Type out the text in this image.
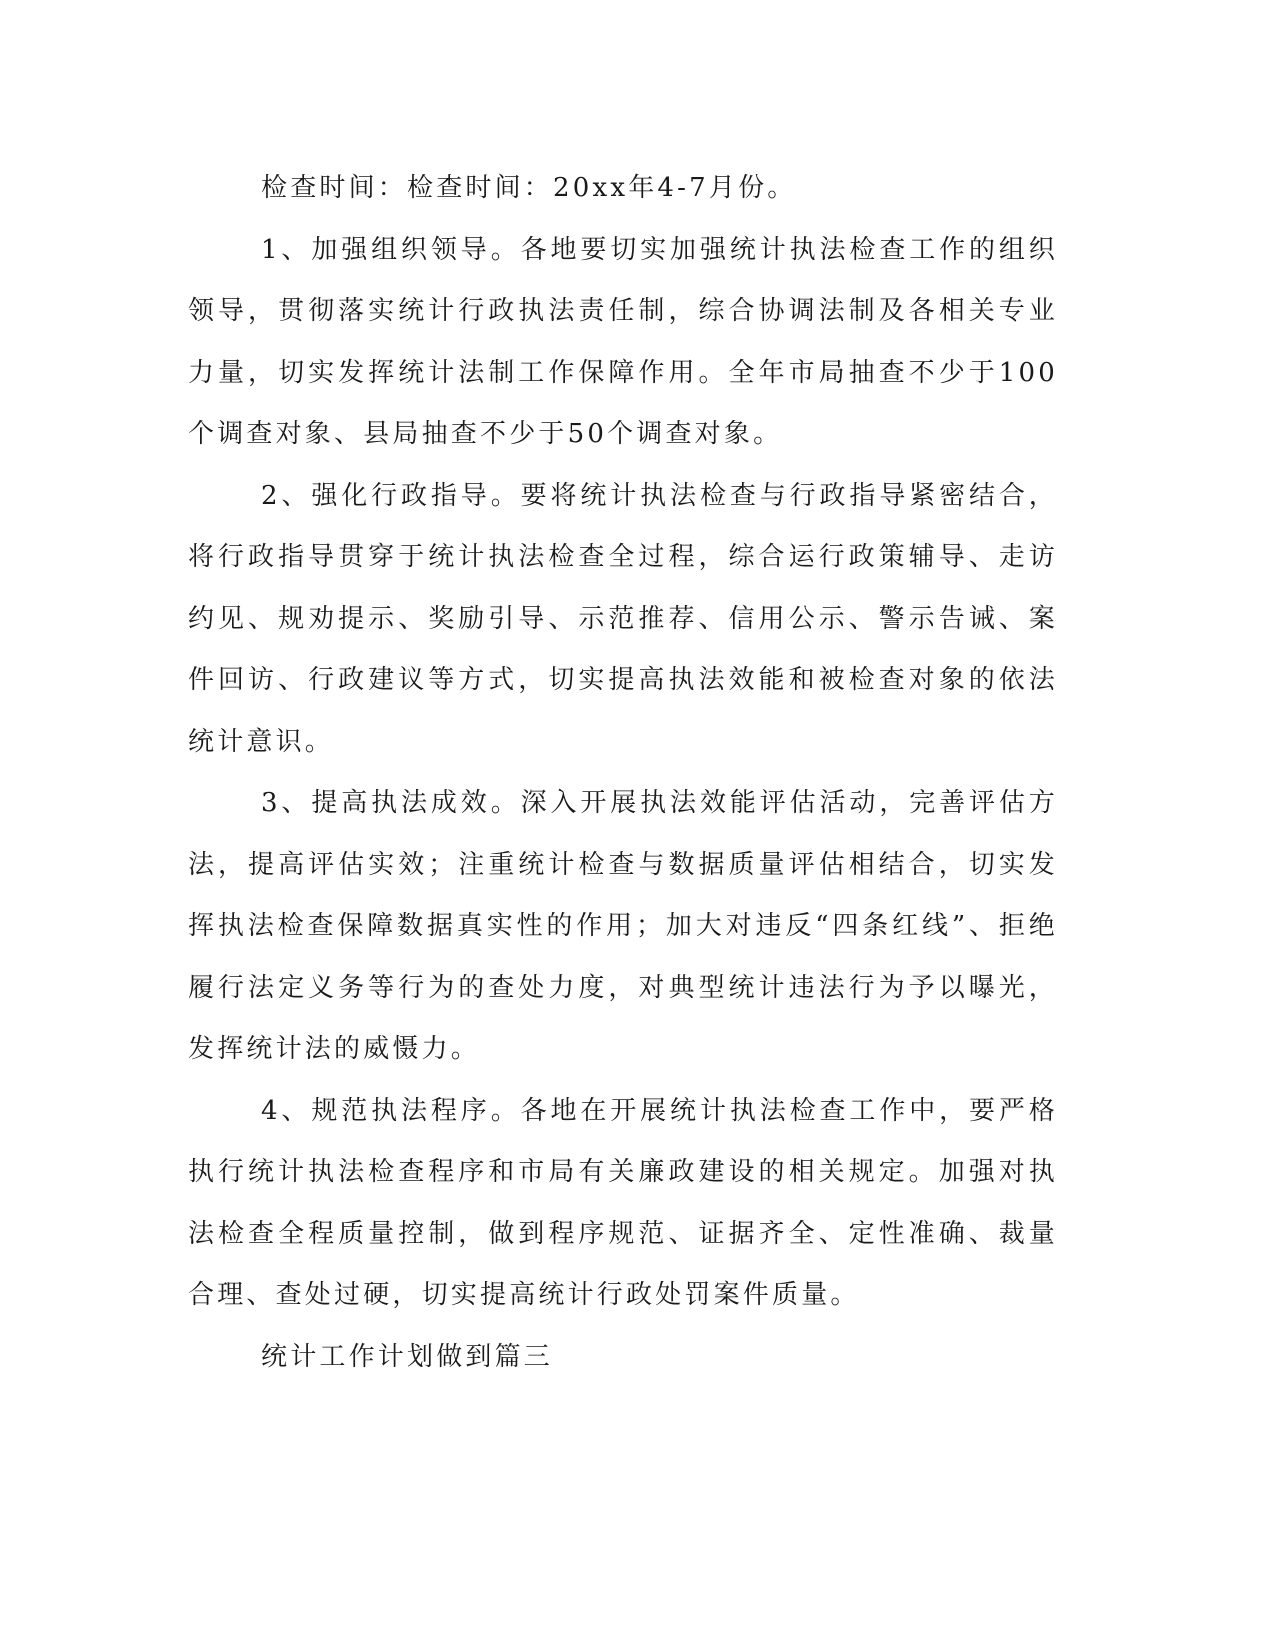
检查时间：检查时间：20xx年4-7月份。

1、加强组织领导。各地要切实加强统计执法检查工作的组织领导，贯彻落实统计行政执法责任制，综合协调法制及各相关专业力量，切实发挥统计法制工作保障作用。全年市局抽查不少于100个调查对象、县局抽查不少于50个调查对象。

2、强化行政指导。要将统计执法检查与行政指导紧密结合，将行政指导贯穿于统计执法检查全过程，综合运行政策辅导、走访约见、规劝提示、奖励引导、示范推荐、信用公示、警示告诫、案件回访、行政建议等方式，切实提高执法效能和被检查对象的依法统计意识。

3、提高执法成效。深入开展执法效能评估活动，完善评估方法，提高评估实效；注重统计检查与数据质量评估相结合，切实发挥执法检查保障数据真实性的作用；加大对违反“四条红线”、拒绝履行法定义务等行为的查处力度，对典型统计违法行为予以曝光，发挥统计法的威慑力。

4、规范执法程序。各地在开展统计执法检查工作中，要严格执行统计执法检查程序和市局有关廉政建设的相关规定。加强对执法检查全程质量控制，做到程序规范、证据齐全、定性准确、裁量合理、查处过硬，切实提高统计行政处罚案件质量。

统计工作计划做到篇三
